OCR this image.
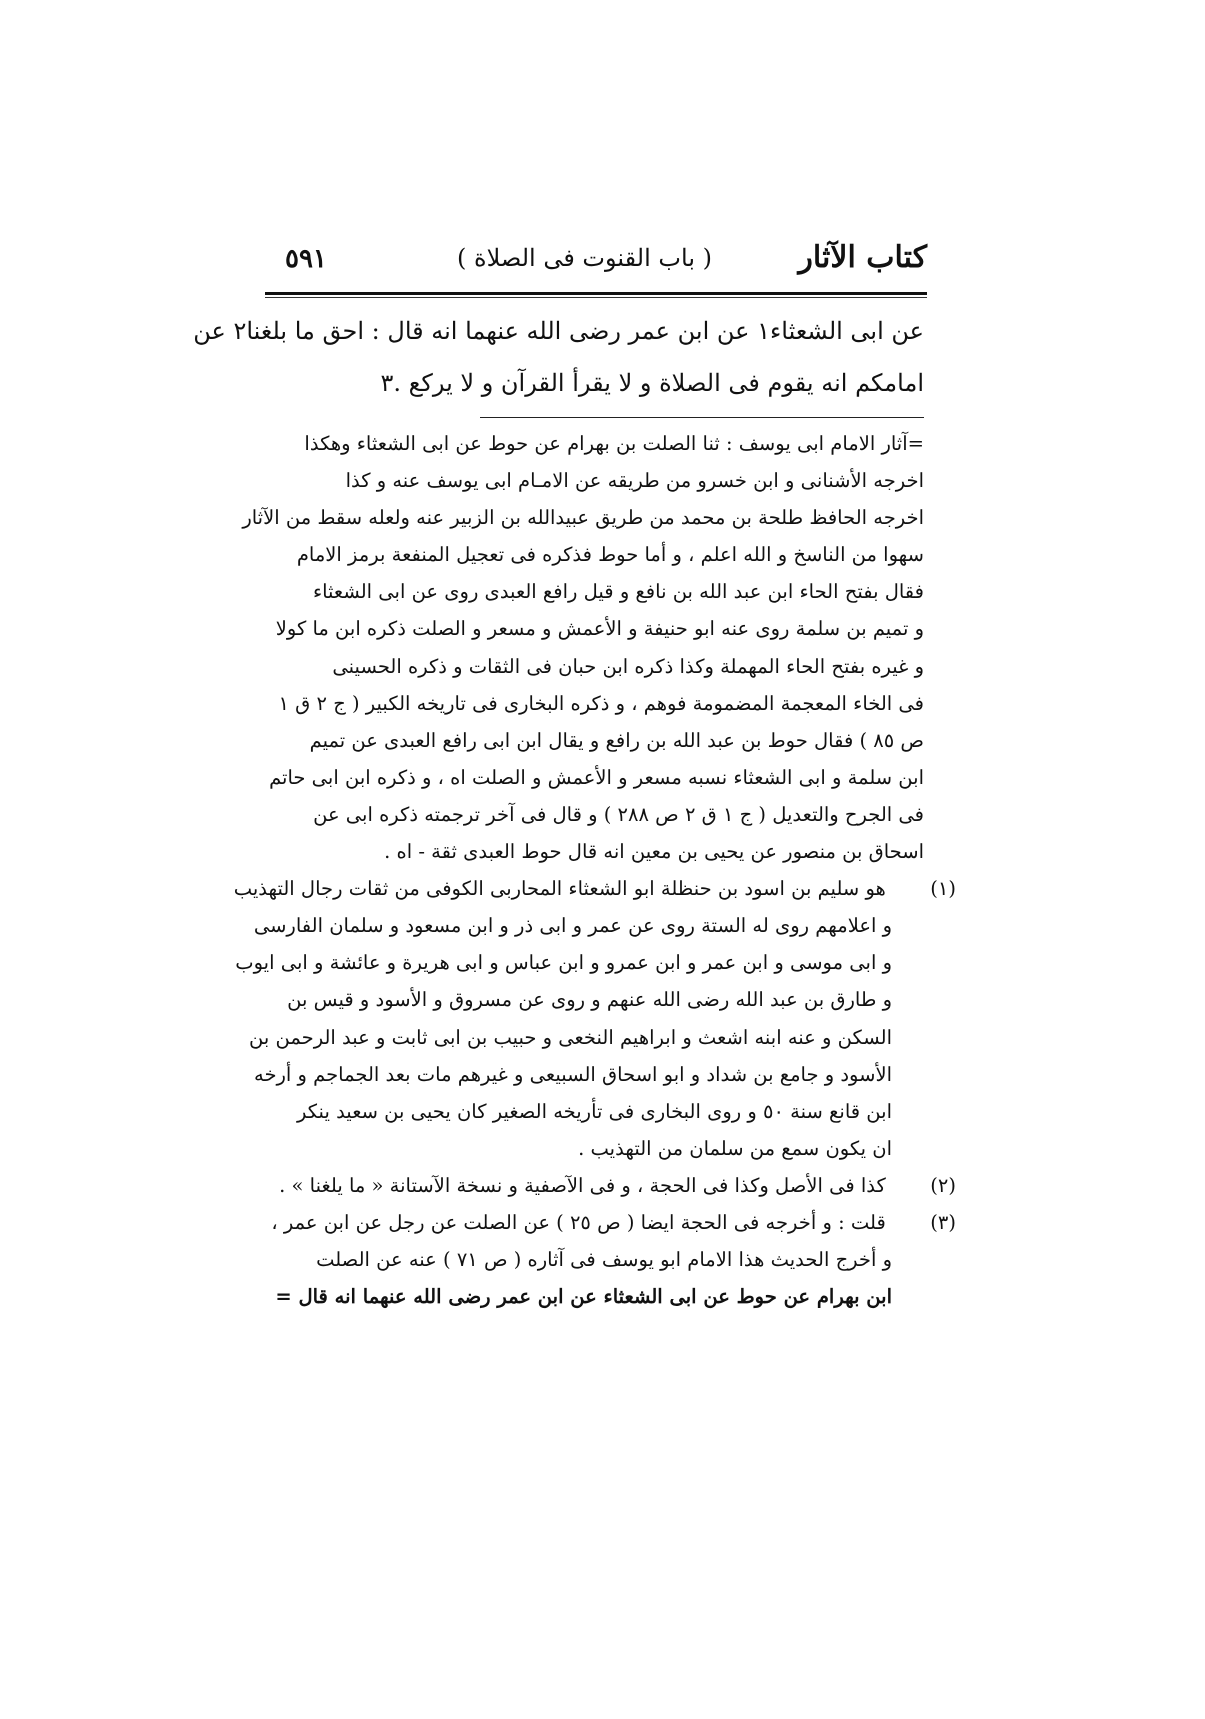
كتاب الآثار
( باب القنوت فى الصلاة )
٥٩١

عن ابى الشعثاء١ عن ابن عمر رضى الله عنهما انه قال : احق ما بلغنا٢ عن

امامكم انه يقوم فى الصلاة و لا يقرأ القرآن و لا يركع .٣

=آثار الامام ابى يوسف : ثنا الصلت بن بهرام عن حوط عن ابى الشعثاء وهكذا
اخرجه الأشنانى و ابن خسرو من طريقه عن الامـام ابى يوسف عنه و كذا
اخرجه الحافظ طلحة بن محمد من طريق عبيدالله بن الزبير عنه ولعله سقط من الآثار
سهوا من الناسخ و الله اعلم ، و أما حوط فذكره فى تعجيل المنفعة برمز الامام
فقال بفتح الحاء ابن عبد الله بن نافع و قيل رافع العبدى روى عن ابى الشعثاء
و تميم بن سلمة روى عنه ابو حنيفة و الأعمش و مسعر و الصلت ذكره ابن ما كولا
و غيره بفتح الحاء المهملة وكذا ذكره ابن حبان فى الثقات و ذكره الحسينى
فى الخاء المعجمة المضمومة فوهم ، و ذكره البخارى فى تاريخه الكبير ( ج ٢ ق ١
ص ٨٥ ) فقال حوط بن عبد الله بن رافع و يقال ابن ابى رافع العبدى عن تميم
ابن سلمة و ابى الشعثاء نسبه مسعر و الأعمش و الصلت اه ، و ذكره ابن ابى حاتم
فى الجرح والتعديل ( ج ١ ق ٢ ص ٢٨٨ ) و قال فى آخر ترجمته ذكره ابى عن
اسحاق بن منصور عن يحيى بن معين انه قال حوط العبدى ثقة - اه .
(١) هو سليم بن اسود بن حنظلة ابو الشعثاء المحاربى الكوفى من ثقات رجال التهذيب
و اعلامهم روى له الستة روى عن عمر و ابى ذر و ابن مسعود و سلمان الفارسى
و ابى موسى و ابن عمر و ابن عمرو و ابن عباس و ابى هريرة و عائشة و ابى ايوب
و طارق بن عبد الله رضى الله عنهم و روى عن مسروق و الأسود و قيس بن
السكن و عنه ابنه اشعث و ابراهيم النخعى و حبيب بن ابى ثابت و عبد الرحمن بن
الأسود و جامع بن شداد و ابو اسحاق السبيعى و غيرهم مات بعد الجماجم و أرخه
ابن قانع سنة ٥٠ و روى البخارى فى تأريخه الصغير كان يحيى بن سعيد ينكر
ان يكون سمع من سلمان من التهذيب .
(٢) كذا فى الأصل وكذا فى الحجة ، و فى الآصفية و نسخة الآستانة « ما يلغنا » .
(٣) قلت : و أخرجه فى الحجة ايضا ( ص ٢٥ ) عن الصلت عن رجل عن ابن عمر ،
و أخرج الحديث هذا الامام ابو يوسف فى آثاره ( ص ٧١ ) عنه عن الصلت
ابن بهرام عن حوط عن ابى الشعثاء عن ابن عمر رضى الله عنهما انه قال =
